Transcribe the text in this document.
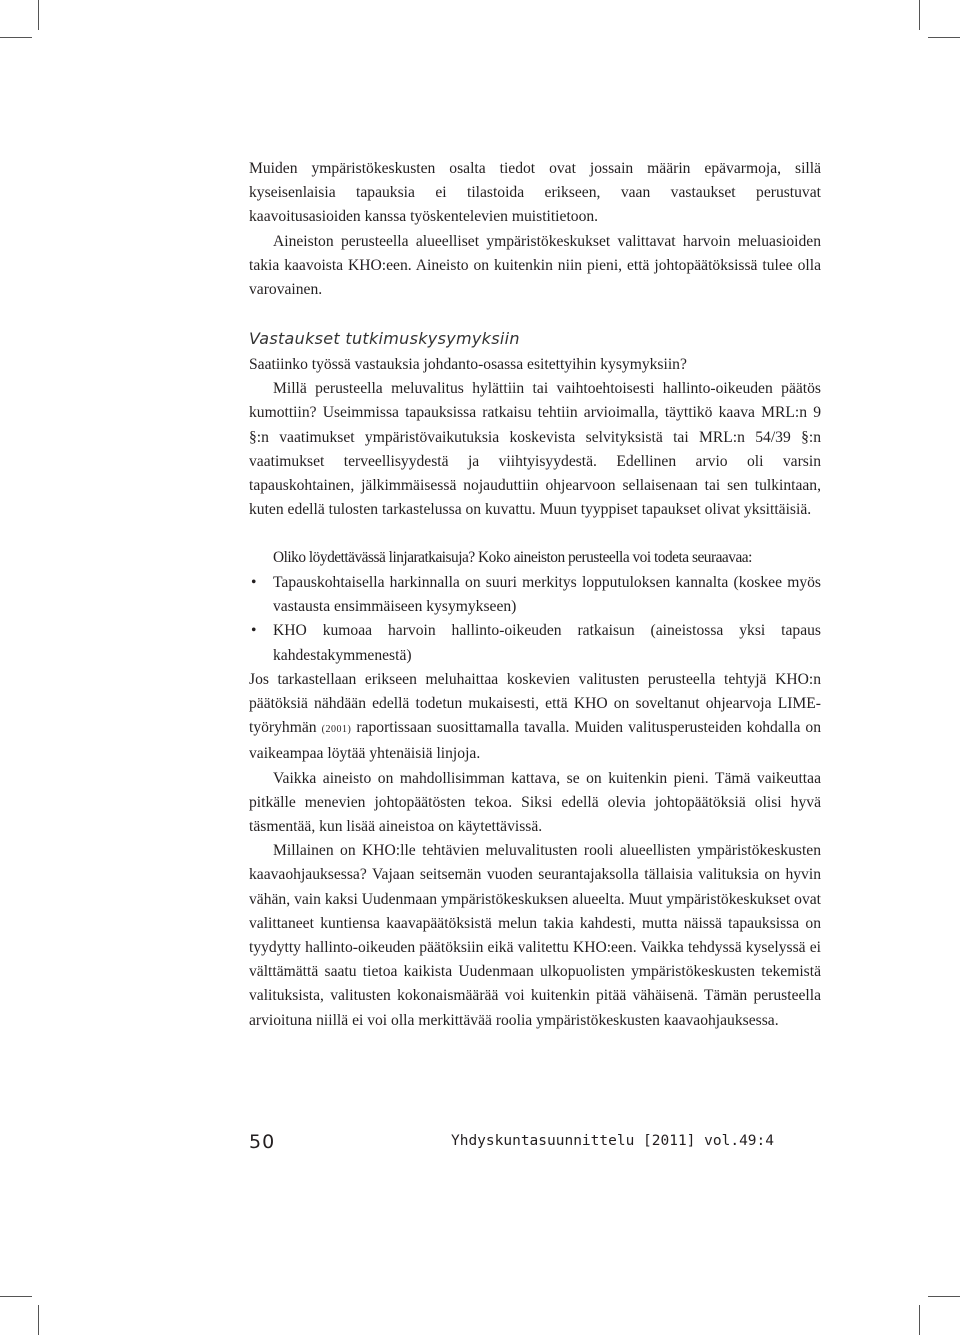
Muiden ympäristökeskusten osalta tiedot ovat jossain määrin epävarmoja, sillä kyseisenlaisia tapauksia ei tilastoida erikseen, vaan vastaukset perustuvat kaavoitusasioiden kanssa työskentelevien muistitietoon.

Aineiston perusteella alueelliset ympäristökeskukset valittavat harvoin meluasioiden takia kaavoista KHO:een. Aineisto on kuitenkin niin pieni, että johtopäätöksissä tulee olla varovainen.

Vastaukset tutkimuskysymyksiin

Saatiinko työssä vastauksia johdanto-osassa esitettyihin kysymyksiin?

Millä perusteella meluvalitus hylättiin tai vaihtoehtoisesti hallinto-oikeuden päätös kumottiin? Useimmissa tapauksissa ratkaisu tehtiin arvioimalla, täyttikö kaava MRL:n 9 §:n vaatimukset ympäristövaikutuksia koskevista selvityksistä tai MRL:n 54/39 §:n vaatimukset terveellisyydestä ja viihtyisyydestä. Edellinen arvio oli varsin tapauskohtainen, jälkimmäisessä nojauduttiin ohjearvoon sellaisenaan tai sen tulkintaan, kuten edellä tulosten tarkastelussa on kuvattu. Muun tyyppiset tapaukset olivat yksittäisiä.

Oliko löydettävässä linjaratkaisuja? Koko aineiston perusteella voi todeta seuraavaa:

• Tapauskohtaisella harkinnalla on suuri merkitys lopputuloksen kannalta (koskee myös vastausta ensimmäiseen kysymykseen)
• KHO kumoaa harvoin hallinto-oikeuden ratkaisun (aineistossa yksi tapaus kahdestakymmenestä)

Jos tarkastellaan erikseen meluhaittaa koskevien valitusten perusteella tehtyjä KHO:n päätöksiä nähdään edellä todetun mukaisesti, että KHO on soveltanut ohjearvoja LIME-työryhmän (2001) raportissaan suosittamalla tavalla. Muiden valitusperusteiden kohdalla on vaikeampaa löytää yhtenäisiä linjoja.

Vaikka aineisto on mahdollisimman kattava, se on kuitenkin pieni. Tämä vaikeuttaa pitkälle menevien johtopäätösten tekoa. Siksi edellä olevia johtopäätöksiä olisi hyvä täsmentää, kun lisää aineistoa on käytettävissä.

Millainen on KHO:lle tehtävien meluvalitusten rooli alueellisten ympäristökeskusten kaavaohjauksessa? Vajaan seitsemän vuoden seurantajaksolla tällaisia valituksia on hyvin vähän, vain kaksi Uudenmaan ympäristökeskuksen alueelta. Muut ympäristökeskukset ovat valittaneet kuntiensa kaavapäätöksistä melun takia kahdesti, mutta näissä tapauksissa on tyydytty hallinto-oikeuden päätöksiin eikä valitettu KHO:een. Vaikka tehdyssä kyselyssä ei välttämättä saatu tietoa kaikista Uudenmaan ulkopuolisten ympäristökeskusten tekemistä valituksista, valitusten kokonaismäärää voi kuitenkin pitää vähäisenä. Tämän perusteella arvioituna niillä ei voi olla merkittävää roolia ympäristökeskusten kaavaohjauksessa.

50	Yhdyskuntasuunnittelu [2011] vol.49:4
